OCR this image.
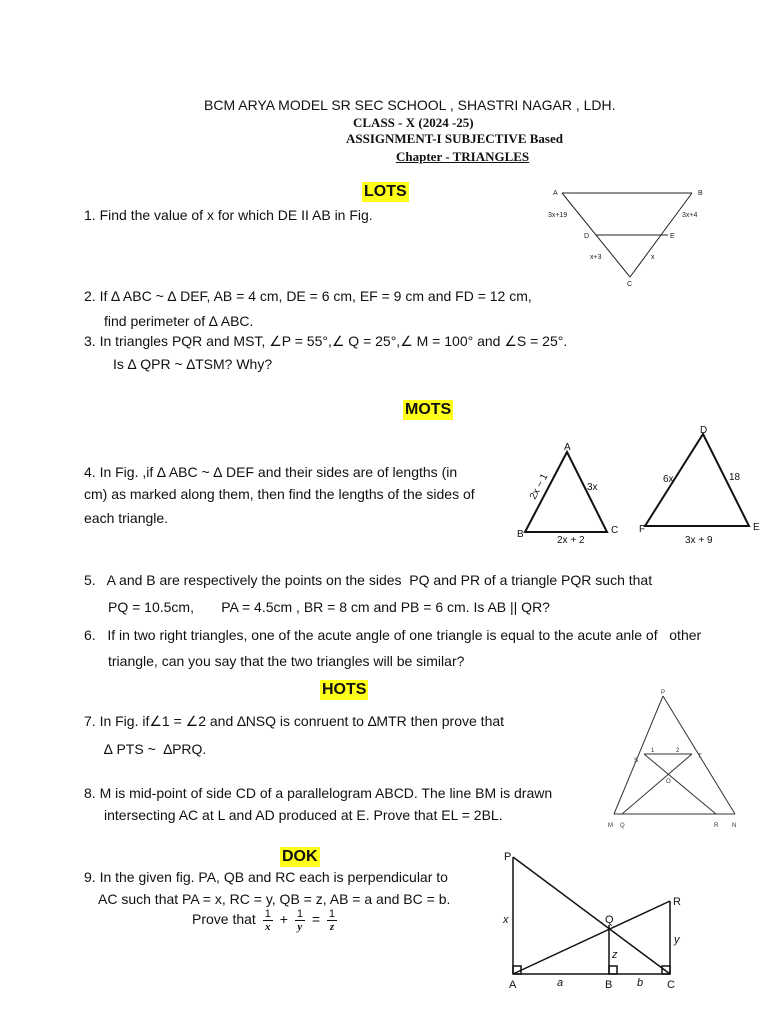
BCM ARYA MODEL SR SEC SCHOOL , SHASTRI NAGAR , LDH.
CLASS - X (2024 -25)
ASSIGNMENT-I SUBJECTIVE Based
Chapter - TRIANGLES
LOTS
MOTS
HOTS
DOK
1. Find the value of x for which DE II AB in Fig.
2. If ∆ ABC ~ ∆ DEF, AB = 4 cm, DE = 6 cm, EF = 9 cm and FD = 12 cm,
find perimeter of ∆ ABC.
3. In triangles PQR and MST, ∠P = 55°,∠ Q = 25°,∠ M = 100° and ∠S = 25°.
Is ∆ QPR ~ ∆TSM? Why?
4. In Fig. ,if ∆ ABC ~ ∆ DEF and their sides are of lengths (in
cm) as marked along them, then find the lengths of the sides of
each triangle.
5.   A and B are respectively the points on the sides  PQ and PR of a triangle PQR such that
PQ = 10.5cm,       PA = 4.5cm , BR = 8 cm and PB = 6 cm. Is AB || QR?
6.   If in two right triangles, one of the acute angle of one triangle is equal to the acute anle of   other
triangle, can you say that the two triangles will be similar?
7. In Fig. if∠1 = ∠2 and ∆NSQ is conruent to ∆MTR then prove that
∆ PTS ~  ∆PRQ.
8. M is mid-point of side CD of a parallelogram ABCD. The line BM is drawn
intersecting AC at L and AD produced at E. Prove that EL = 2BL.
9. In the given fig. PA, QB and RC each is perpendicular to
AC such that PA = x, RC = y, QB = z, AB = a and BC = b.
Prove that $\frac{1}{x} + \frac{1}{y} = \frac{1}{z}$
A	B
D	E
C
3x+19	3x+4
x+3	x
A
B	C
D
E
F
2x − 1	3x
2x + 2
6x	18
3x + 9
P
S
T
O
M Q	R N
1	2
P
Q
R
A	B	C
x
y
z
a	b
